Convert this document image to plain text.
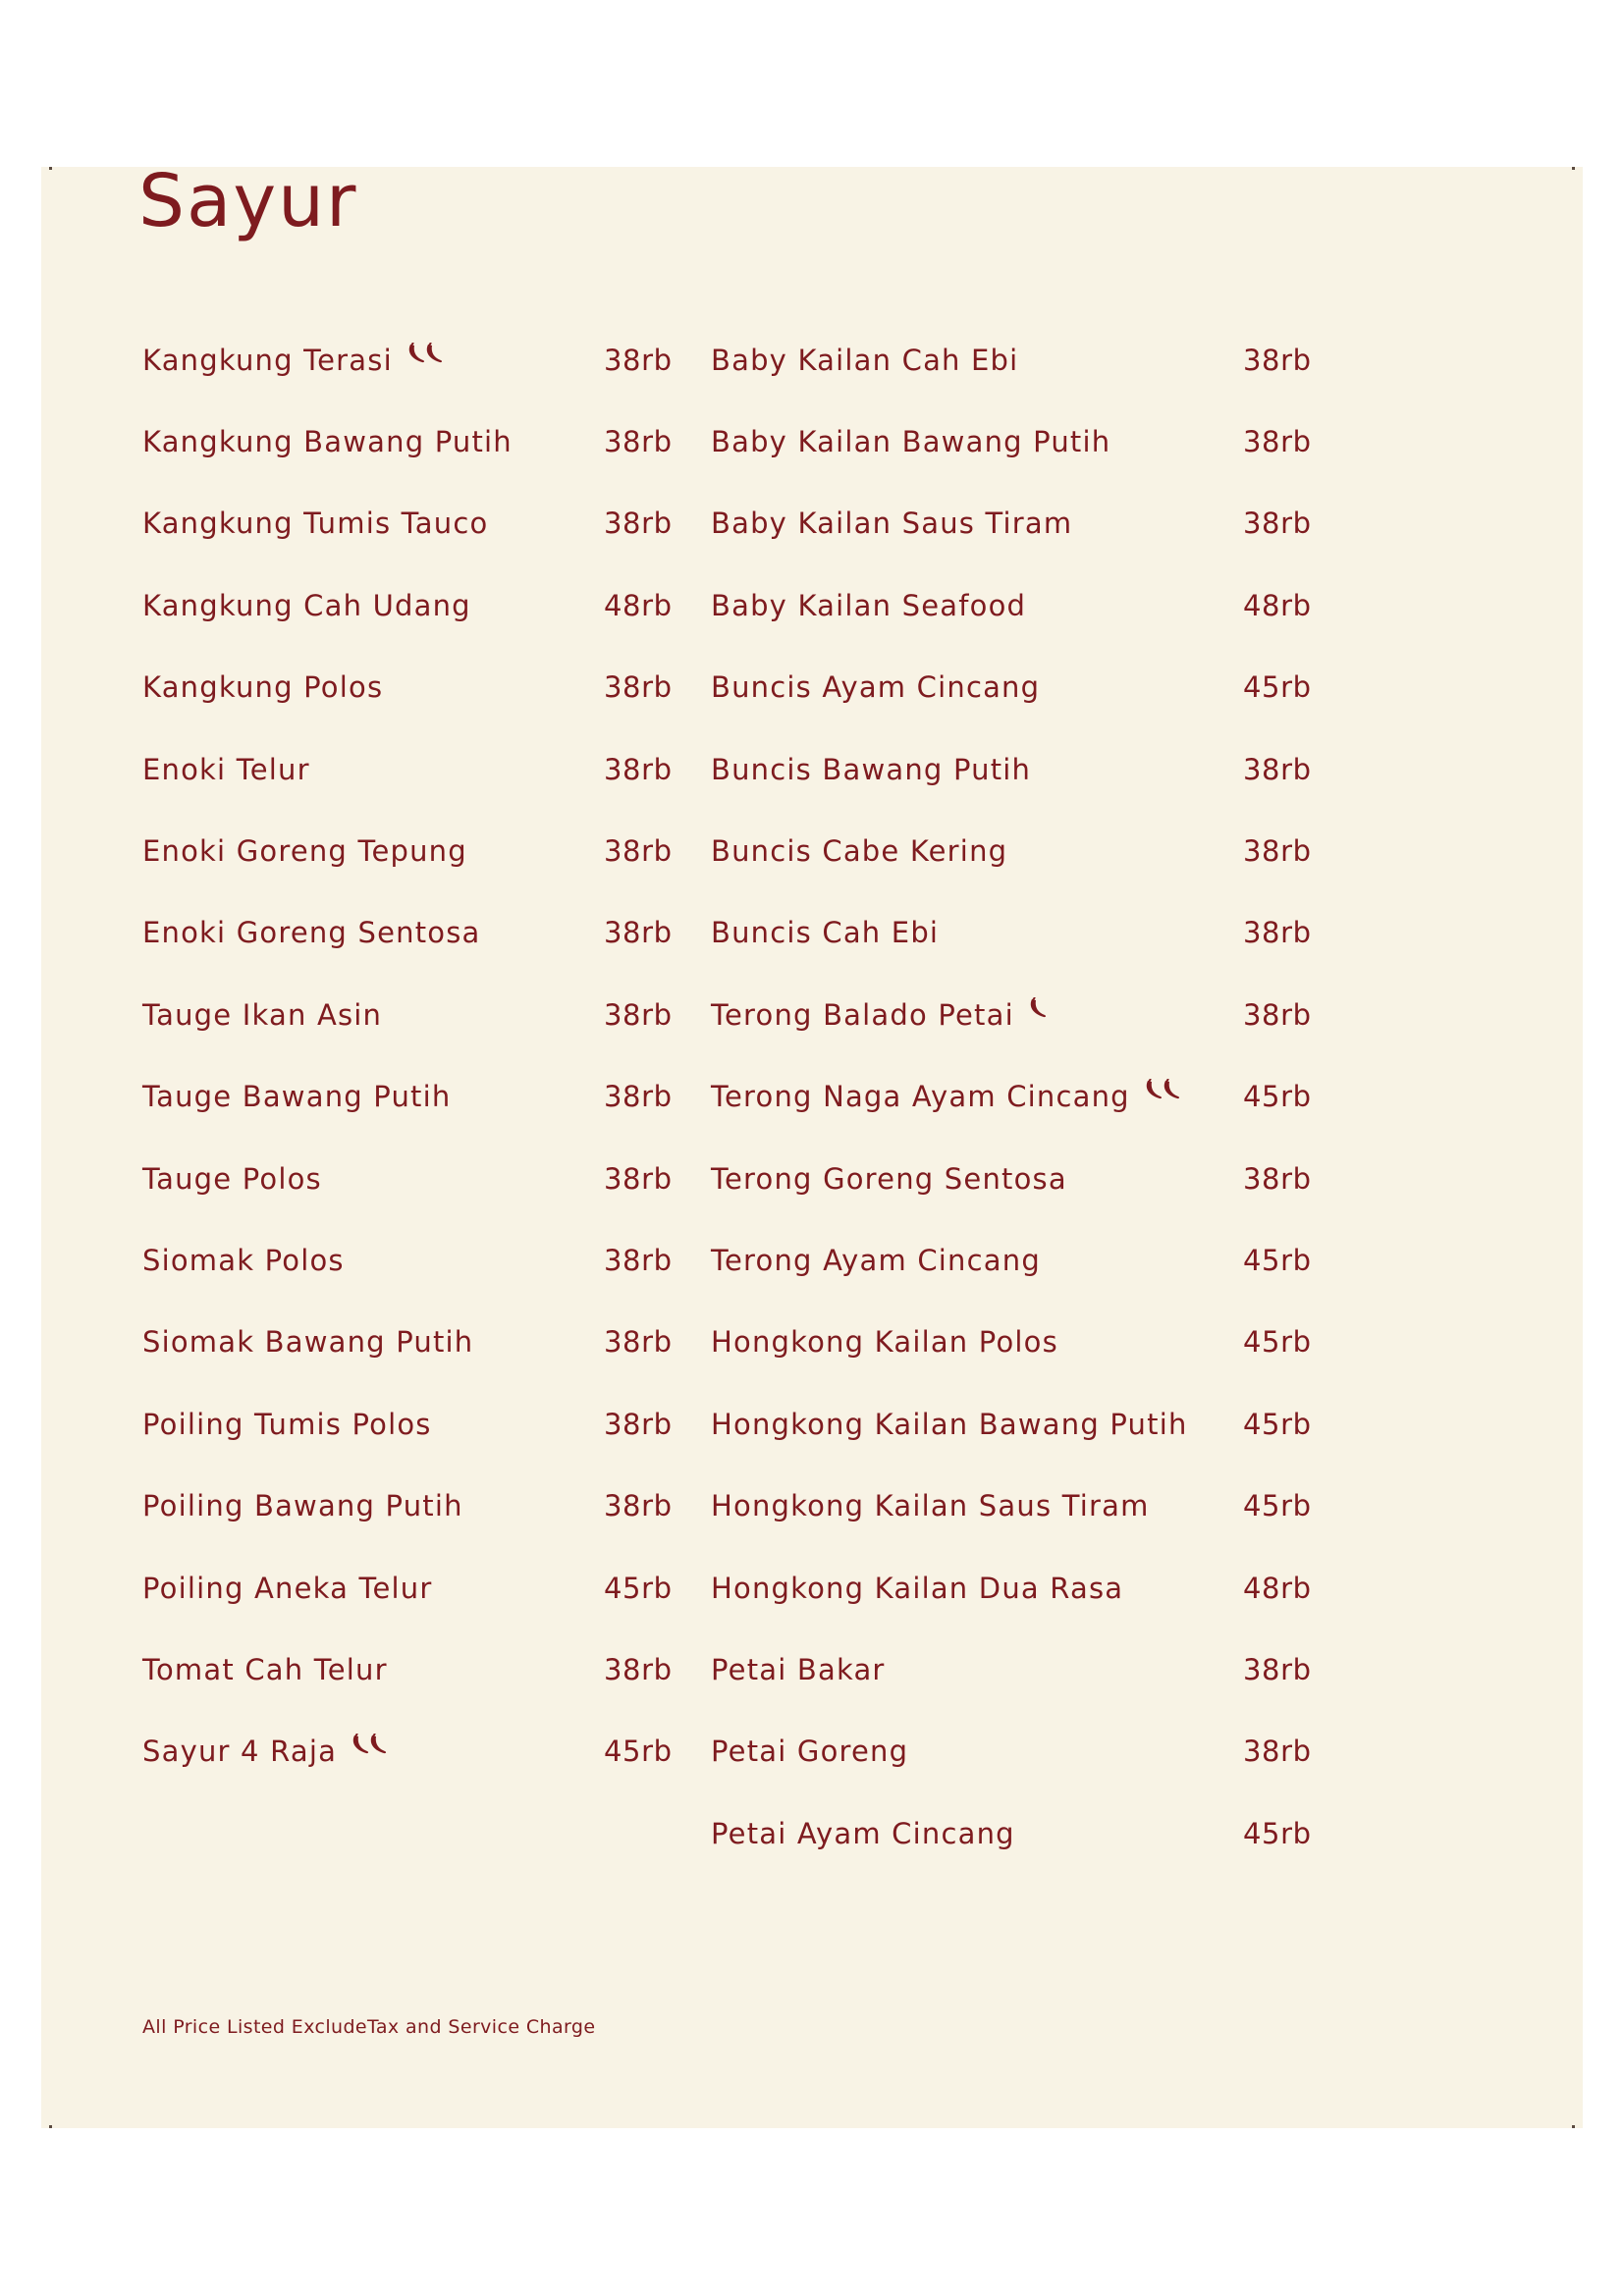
Sayur
Kangkung Terasi	38rb
Kangkung Bawang Putih	38rb
Kangkung Tumis Tauco	38rb
Kangkung Cah Udang	48rb
Kangkung Polos	38rb
Enoki Telur	38rb
Enoki Goreng Tepung	38rb
Enoki Goreng Sentosa	38rb
Tauge Ikan Asin	38rb
Tauge Bawang Putih	38rb
Tauge Polos	38rb
Siomak Polos	38rb
Siomak Bawang Putih	38rb
Poiling Tumis Polos	38rb
Poiling Bawang Putih	38rb
Poiling Aneka Telur	45rb
Tomat Cah Telur	38rb
Sayur 4 Raja	45rb
Baby Kailan Cah Ebi	38rb
Baby Kailan Bawang Putih	38rb
Baby Kailan Saus Tiram	38rb
Baby Kailan Seafood	48rb
Buncis Ayam Cincang	45rb
Buncis Bawang Putih	38rb
Buncis Cabe Kering	38rb
Buncis Cah Ebi	38rb
Terong Balado Petai	38rb
Terong Naga Ayam Cincang	45rb
Terong Goreng Sentosa	38rb
Terong Ayam Cincang	45rb
Hongkong Kailan Polos	45rb
Hongkong Kailan Bawang Putih 45rb
Hongkong Kailan Saus Tiram	45rb
Hongkong Kailan Dua Rasa	48rb
Petai Bakar	38rb
Petai Goreng	38rb
Petai Ayam Cincang	45rb
All Price Listed ExcludeTax and Service Charge
